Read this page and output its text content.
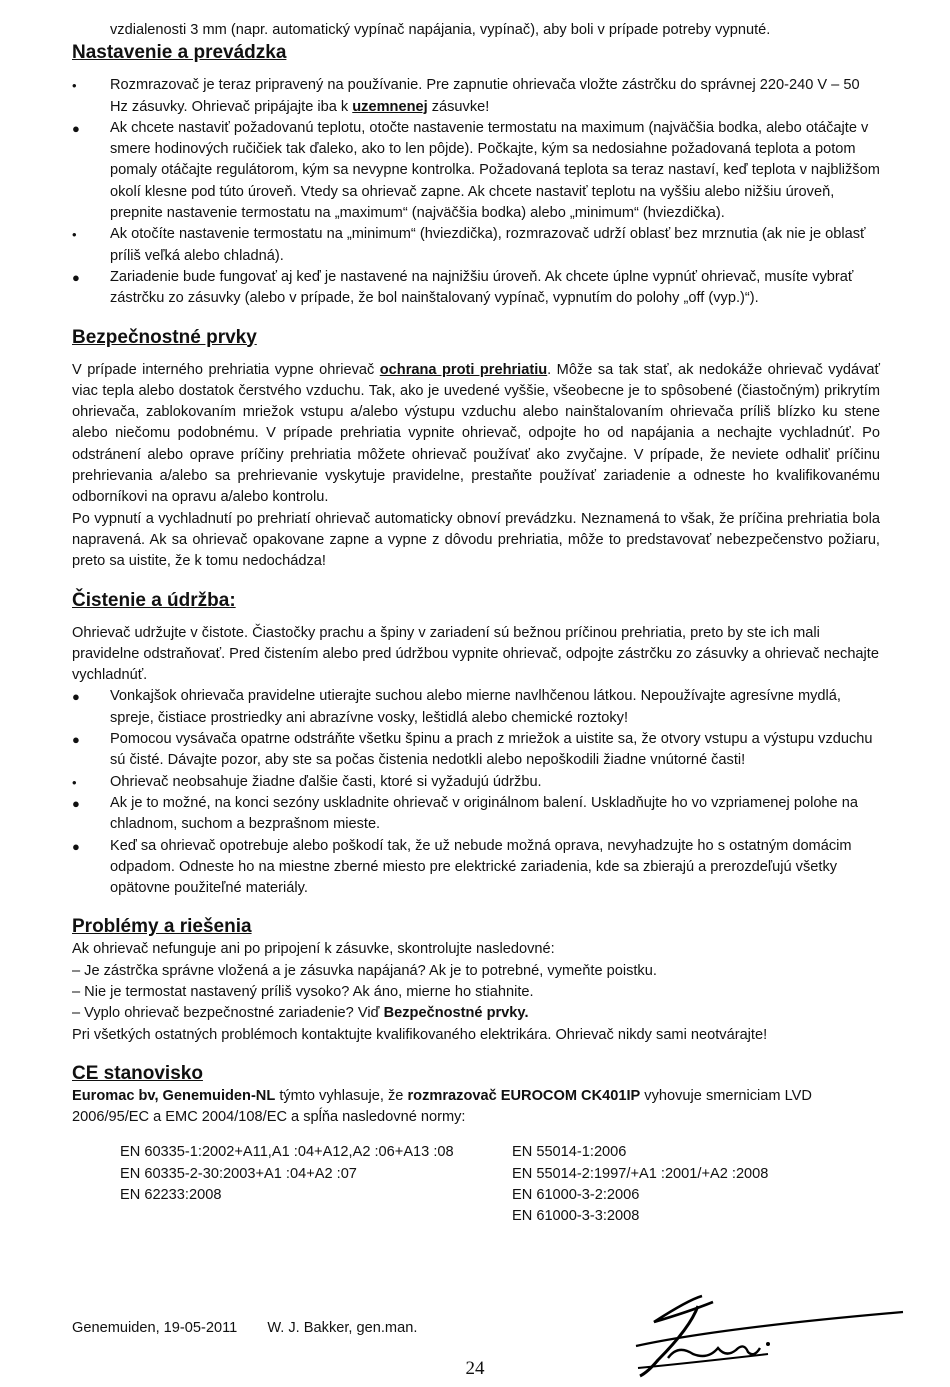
vzdialenosti 3 mm (napr. automatický vypínač napájania, vypínač), aby boli v prípade potreby vypnuté.

Nastavenie a prevádzka
• Rozmrazovač je teraz pripravený na používanie. Pre zapnutie ohrievača vložte zástrčku do správnej 220-240 V – 50 Hz zásuvky. Ohrievač pripájajte iba k uzemnenej zásuvke!
● Ak chcete nastaviť požadovanú teplotu, otočte nastavenie termostatu na maximum (najväčšia bodka, alebo otáčajte v smere hodinových ručičiek tak ďaleko, ako to len pôjde). Počkajte, kým sa nedosiahne požadovaná teplota a potom pomaly otáčajte regulátorom, kým sa nevypne kontrolka. Požadovaná teplota sa teraz nastaví, keď teplota v najbližšom okolí klesne pod túto úroveň. Vtedy sa ohrievač zapne. Ak chcete nastaviť teplotu na vyššiu alebo nižšiu úroveň, prepnite nastavenie termostatu na „maximum“ (najväčšia bodka) alebo „minimum“ (hviezdička).
• Ak otočíte nastavenie termostatu na „minimum“ (hviezdička), rozmrazovač udrží oblasť bez mrznutia (ak nie je oblasť príliš veľká alebo chladná).
● Zariadenie bude fungovať aj keď je nastavené na najnižšiu úroveň. Ak chcete úplne vypnúť ohrievač, musíte vybrať zástrčku zo zásuvky (alebo v prípade, že bol nainštalovaný vypínač, vypnutím do polohy „off (vyp.)“).
Bezpečnostné prvky

V prípade interného prehriatia vypne ohrievač ochrana proti prehriatiu. Môže sa tak stať, ak nedokáže ohrievač vydávať viac tepla alebo dostatok čerstvého vzduchu. Tak, ako je uvedené vyššie, všeobecne je to spôsobené (čiastočným) prikrytím ohrievača, zablokovaním mriežok vstupu a/alebo výstupu vzduchu alebo nainštalovaním ohrievača príliš blízko ku stene alebo niečomu podobnému. V prípade prehriatia vypnite ohrievač, odpojte ho od napájania a nechajte vychladnúť. Po odstránení alebo oprave príčiny prehriatia môžete ohrievač používať ako zvyčajne. V prípade, že neviete odhaliť príčinu prehrievania a/alebo sa prehrievanie vyskytuje pravidelne, prestaňte používať zariadenie a odneste ho kvalifikovanému odborníkovi na opravu a/alebo kontrolu.

Po vypnutí a vychladnutí po prehriatí ohrievač automaticky obnoví prevádzku. Neznamená to však, že príčina prehriatia bola napravená. Ak sa ohrievač opakovane zapne a vypne z dôvodu prehriatia, môže to predstavovať nebezpečenstvo požiaru, preto sa uistite, že k tomu nedochádza!

Čistenie a údržba:

Ohrievač udržujte v čistote. Čiastočky prachu a špiny v zariadení sú bežnou príčinou prehriatia, preto by ste ich mali pravidelne odstraňovať. Pred čistením alebo pred údržbou vypnite ohrievač, odpojte zástrčku zo zásuvky a ohrievač nechajte vychladnúť.

● Vonkajšok ohrievača pravidelne utierajte suchou alebo mierne navlhčenou látkou. Nepoužívajte agresívne mydlá, spreje, čistiace prostriedky ani abrazívne vosky, leštidlá alebo chemické roztoky!
● Pomocou vysávača opatrne odstráňte všetku špinu a prach z mriežok a uistite sa, že otvory vstupu a výstupu vzduchu sú čisté. Dávajte pozor, aby ste sa počas čistenia nedotkli alebo nepoškodili žiadne vnútorné časti!
• Ohrievač neobsahuje žiadne ďalšie časti, ktoré si vyžadujú údržbu.
● Ak je to možné, na konci sezóny uskladnite ohrievač v originálnom balení. Uskladňujte ho vo vzpriamenej polohe na chladnom, suchom a bezprašnom mieste.
● Keď sa ohrievač opotrebuje alebo poškodí tak, že už nebude možná oprava, nevyhadzujte ho s ostatným domácim odpadom. Odneste ho na miestne zberné miesto pre elektrické zariadenia, kde sa zbierajú a prerozdeľujú všetky opätovne použiteľné materiály.
Problémy a riešenia

Ak ohrievač nefunguje ani po pripojení k zásuvke, skontrolujte nasledovné:

– Je zástrčka správne vložená a je zásuvka napájaná? Ak je to potrebné, vymeňte poistku.

– Nie je termostat nastavený príliš vysoko? Ak áno, mierne ho stiahnite.

– Vyplo ohrievač bezpečnostné zariadenie? Viď Bezpečnostné prvky.

Pri všetkých ostatných problémoch kontaktujte kvalifikovaného elektrikára. Ohrievač nikdy sami neotvárajte!

CE stanovisko

Euromac bv, Genemuiden-NL týmto vyhlasuje, že rozmrazovač EUROCOM CK401IP vyhovuje smerniciam LVD 2006/95/EC a EMC 2004/108/EC a spĺňa nasledovné normy:

EN 60335-1:2002+A11,A1 :04+A12,A2 :06+A13 :08
EN 60335-2-30:2003+A1 :04+A2 :07
EN 62233:2008
EN 55014-1:2006
EN 55014-2:1997/+A1 :2001/+A2 :2008
EN 61000-3-2:2006
EN 61000-3-3:2008
Genemuiden, 19-05-2011 W. J. Bakker, gen.man.
24
